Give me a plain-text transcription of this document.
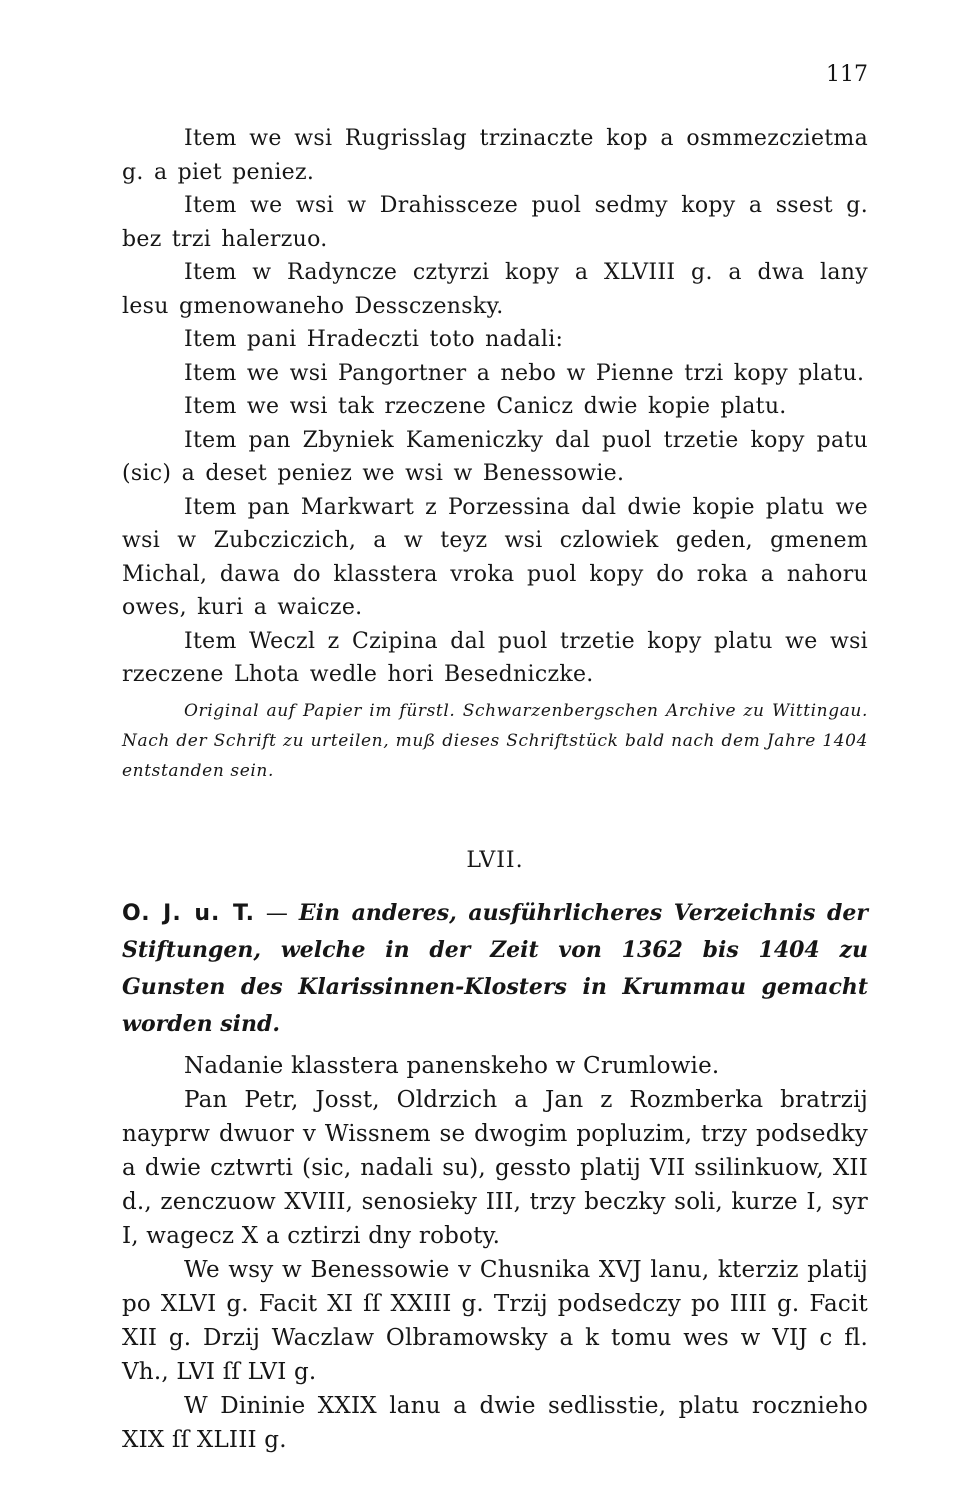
117

Item we wsi Rugrisslag trzinaczte kop a osmmezczietma g. a piet peniez.

Item we wsi w Drahissceze puol sedmy kopy a ssest g. bez trzi halerzuo.

Item w Radyncze cztyrzi kopy a XLVIII g. a dwa lany lesu gmenowaneho Dessczensky.

Item pani Hradeczti toto nadali:

Item we wsi Pangortner a nebo w Pienne trzi kopy platu.

Item we wsi tak rzeczene Canicz dwie kopie platu.

Item pan Zbyniek Kameniczky dal puol trzetie kopy patu (sic) a deset peniez we wsi w Benessowie.

Item pan Markwart z Porzessina dal dwie kopie platu we wsi w Zubcziczich, a w teyz wsi czlowiek geden, gmenem Michal, dawa do klasstera vroka puol kopy do roka a nahoru owes, kuri a waicze.

Item Weczl z Czipina dal puol trzetie kopy platu we wsi rzeczene Lhota wedle hori Besedniczke.

Original auf Papier im fürstl. Schwarzenbergschen Archive zu Wittingau. Nach der Schrift zu urteilen, muß dieses Schriftstück bald nach dem Jahre 1404 entstanden sein.

LVII.

O. J. u. T. — Ein anderes, ausführlicheres Verzeichnis der Stiftungen, welche in der Zeit von 1362 bis 1404 zu Gunsten des Klarissinnen-Klosters in Krummau gemacht worden sind.

Nadanie klasstera panenskeho w Crumlowie.

Pan Petr, Josst, Oldrzich a Jan z Rozmberka bratrzij nayprw dwuor v Wissnem se dwogim popluzim, trzy podsedky a dwie cztwrti (sic, nadali su), gessto platij VII ssilinkuow, XII d., zenczuow XVIII, senosieky III, trzy beczky soli, kurze I, syr I, wagecz X a cztirzi dny roboty.

We wsy w Benessowie v Chusnika XVJ lanu, kterziz platij po XLVI g. Facit XI ſſ XXIII g. Trzij podsedczy po IIII g. Facit XII g. Drzij Waczlaw Olbramowsky a k tomu wes w VIJ c fl. Vh., LVI ſſ LVI g.

W Dininie XXIX lanu a dwie sedlisstie, platu roczniehо XIX ſſ XLIII g.
